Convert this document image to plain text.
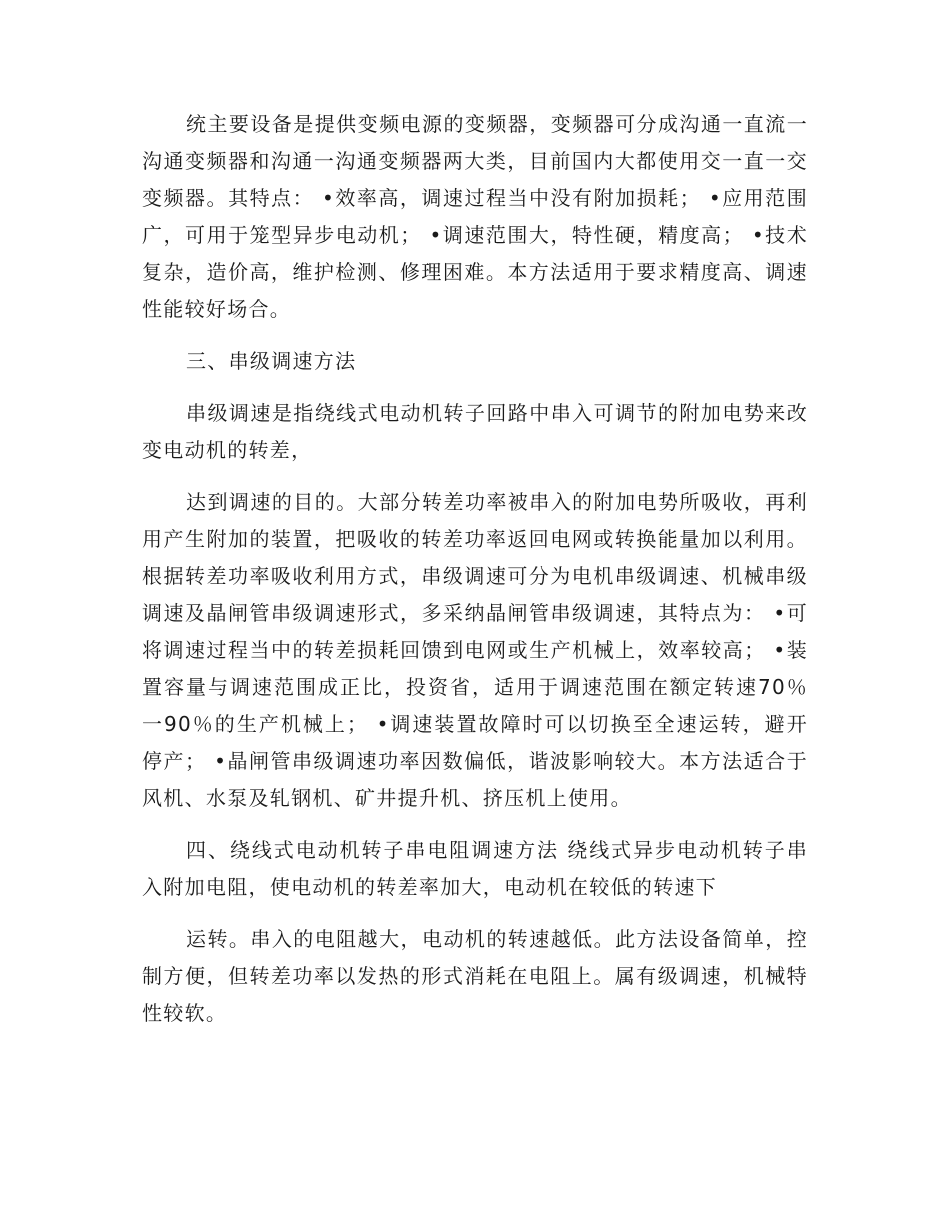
统主要设备是提供变频电源的变频器，变频器可分成沟通一直流一沟通变频器和沟通一沟通变频器两大类，目前国内大都使用交一直一交变频器。其特点： •效率高，调速过程当中没有附加损耗； •应用范围广，可用于笼型异步电动机； •调速范围大，特性硬，精度高； •技术复杂，造价高，维护检测、修理困难。本方法适用于要求精度高、调速性能较好场合。

三、串级调速方法

串级调速是指绕线式电动机转子回路中串入可调节的附加电势来改变电动机的转差，

达到调速的目的。大部分转差功率被串入的附加电势所吸收，再利用产生附加的装置，把吸收的转差功率返回电网或转换能量加以利用。根据转差功率吸收利用方式，串级调速可分为电机串级调速、机械串级调速及晶闸管串级调速形式，多采纳晶闸管串级调速，其特点为： •可将调速过程当中的转差损耗回馈到电网或生产机械上，效率较高； •装置容量与调速范围成正比，投资省，适用于调速范围在额定转速70％一90％的生产机械上； •调速装置故障时可以切换至全速运转，避开停产； •晶闸管串级调速功率因数偏低，谐波影响较大。本方法适合于风机、水泵及轧钢机、矿井提升机、挤压机上使用。

四、绕线式电动机转子串电阻调速方法 绕线式异步电动机转子串入附加电阻，使电动机的转差率加大，电动机在较低的转速下

运转。串入的电阻越大，电动机的转速越低。此方法设备简单，控制方便，但转差功率以发热的形式消耗在电阻上。属有级调速，机械特性较软。
